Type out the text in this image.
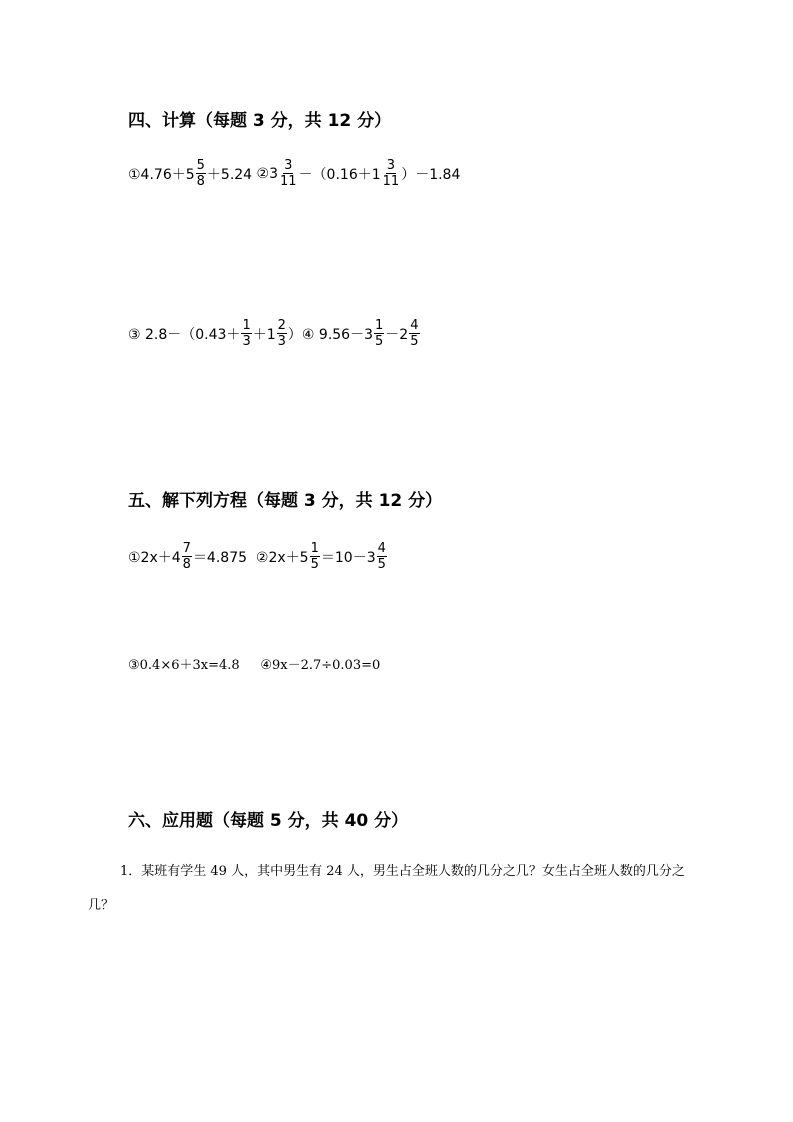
四、计算（每题 3 分，共 12 分）
①4.76＋5 $\frac{5}{8} +5.24$ ②3 $\frac{3}{11} -(0.16+1 \frac{3}{11} )-1.84$
③ $2.8-(0.43+ \frac{1}{3} +1 \frac{2}{3}$ ）④ $9.56-3 \frac{1}{5} -2 \frac{4}{5}$
五、解下列方程（每题 3 分，共 12 分）
①2x＋4 $\frac{7}{8} =4.875$ ②2x＋5 $\frac{1}{5} =10-3 \frac{4}{5}$
③0.4×6＋3x=4.8     ④9x－2.7÷0.03=0
六、应用题（每题 5 分，共 40 分）
1．某班有学生 49 人，其中男生有 24 人，男生占全班人数的几分之几？女生占全班人数的几分之几？
